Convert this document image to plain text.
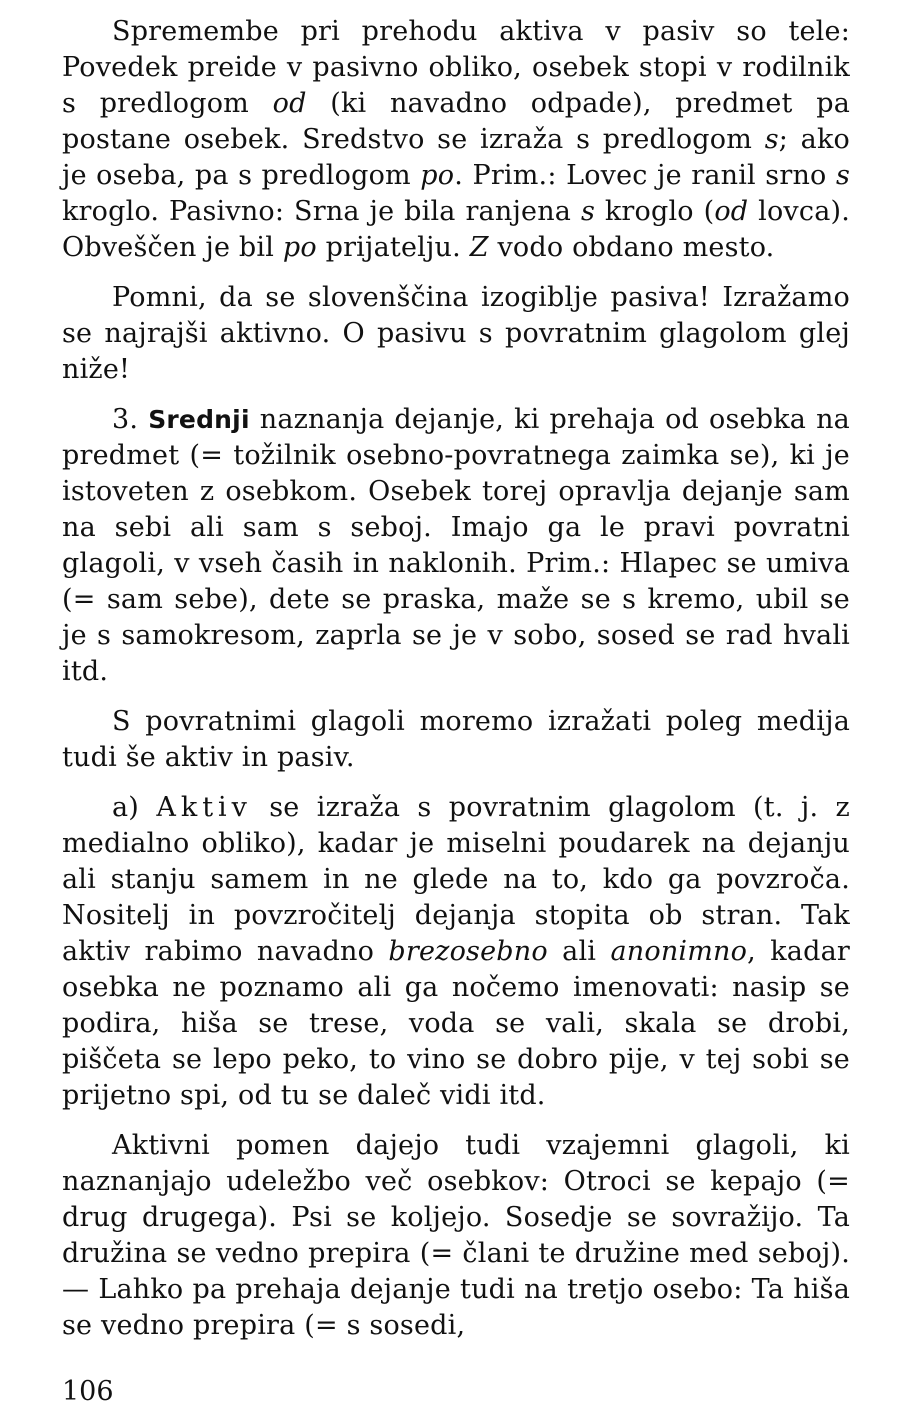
Spremembe pri prehodu aktiva v pasiv so tele: Povedek preide v pasivno obliko, osebek stopi v rodilnik s predlogom od (ki navadno odpade), predmet pa postane osebek. Sredstvo se izraža s predlogom s; ako je oseba, pa s predlogom po. Prim.: Lovec je ranil srno s kroglo. Pasivno: Srna je bila ranjena s kroglo (od lovca). Obveščen je bil po prijatelju. Z vodo obdano mesto.

Pomni, da se slovenščina izogiblje pasiva! Izražamo se najrajši aktivno. O pasivu s povratnim glagolom glej niže!

3. Srednji naznanja dejanje, ki prehaja od osebka na predmet (= tožilnik osebno-povratnega zaimka se), ki je istoveten z osebkom. Osebek torej opravlja dejanje sam na sebi ali sam s seboj. Imajo ga le pravi povratni glagoli, v vseh časih in naklonih. Prim.: Hlapec se umiva (= sam sebe), dete se praska, maže se s kremo, ubil se je s samokresom, zaprla se je v sobo, sosed se rad hvali itd.

S povratnimi glagoli moremo izražati poleg medija tudi še aktiv in pasiv.

a) Aktiv se izraža s povratnim glagolom (t. j. z medialno obliko), kadar je miselni poudarek na dejanju ali stanju samem in ne glede na to, kdo ga povzroča. Nositelj in povzročitelj dejanja stopita ob stran. Tak aktiv rabimo navadno brezosebno ali anonimno, kadar osebka ne poznamo ali ga nočemo imenovati: nasip se podira, hiša se trese, voda se vali, skala se drobi, piščeta se lepo peko, to vino se dobro pije, v tej sobi se prijetno spi, od tu se daleč vidi itd.

Aktivni pomen dajejo tudi vzajemni glagoli, ki naznanjajo udeležbo več osebkov: Otroci se kepajo (= drug drugega). Psi se koljejo. Sosedje se sovražijo. Ta družina se vedno prepira (= člani te družine med seboj). — Lahko pa prehaja dejanje tudi na tretjo osebo: Ta hiša se vedno prepira (= s sosedi,

106
